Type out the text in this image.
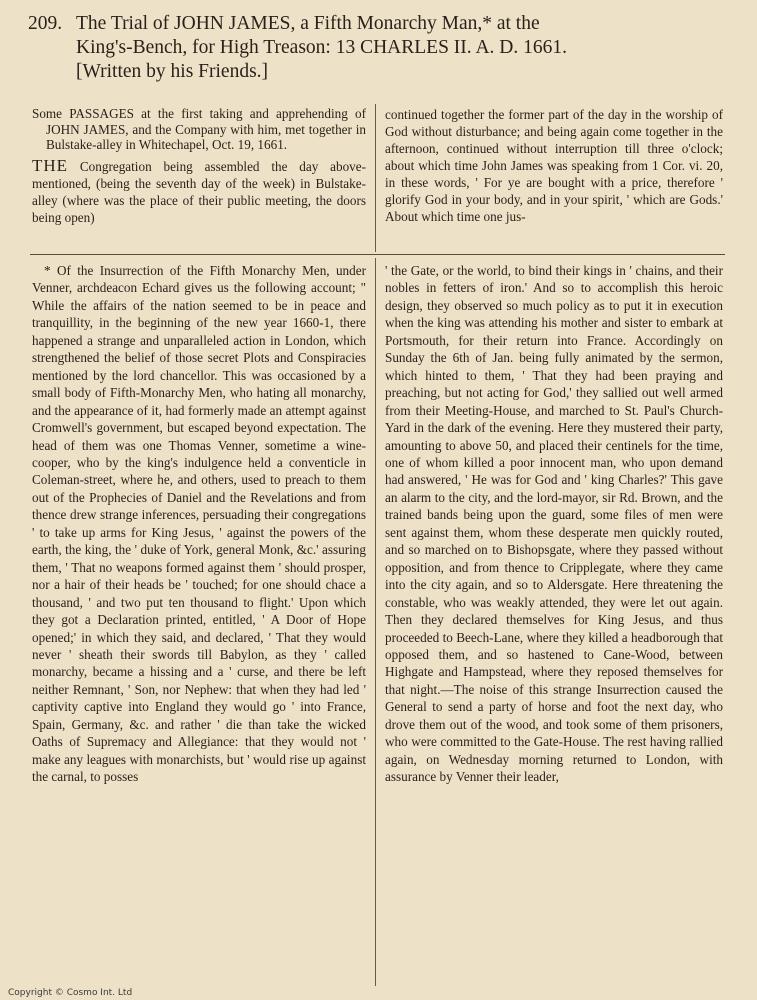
209. The Trial of JOHN JAMES, a Fifth Monarchy Man,* at the
King's-Bench, for High Treason: 13 CHARLES II. A. D. 1661.
[Written by his Friends.]
Some PASSAGES at the first taking and apprehending of JOHN JAMES, and the Company with him, met together in Bulstake-alley in Whitechapel, Oct. 19, 1661.
THE Congregation being assembled the day above-mentioned, (being the seventh day of the week) in Bulstake-alley (where was the place of their public meeting, the doors being open)
continued together the former part of the day in the worship of God without disturbance; and being again come together in the afternoon, continued without interruption till three o'clock; about which time John James was speaking from 1 Cor. vi. 20, in these words, ' For ye are bought with a price, therefore ' glorify God in your body, and in your spirit, ' which are Gods.' About which time one jus-
* Of the Insurrection of the Fifth Monarchy Men, under Venner, archdeacon Echard gives us the following account; " While the affairs of the nation seemed to be in peace and tranquillity, in the beginning of the new year 1660-1, there happened a strange and unparalleled action in London, which strengthened the belief of those secret Plots and Conspiracies mentioned by the lord chancellor. This was occasioned by a small body of Fifth-Monarchy Men, who hating all monarchy, and the appearance of it, had formerly made an attempt against Cromwell's government, but escaped beyond expectation. The head of them was one Thomas Venner, sometime a wine-cooper, who by the king's indulgence held a conventicle in Coleman-street, where he, and others, used to preach to them out of the Prophecies of Daniel and the Revelations and from thence drew strange inferences, persuading their congregations ' to take up arms for King Jesus, ' against the powers of the earth, the king, the ' duke of York, general Monk, &c.' assuring them, ' That no weapons formed against them ' should prosper, nor a hair of their heads be ' touched; for one should chace a thousand, ' and two put ten thousand to flight.' Upon which they got a Declaration printed, entitled, ' A Door of Hope opened;' in which they said, and declared, ' That they would never ' sheath their swords till Babylon, as they ' called monarchy, became a hissing and a ' curse, and there be left neither Remnant, ' Son, nor Nephew: that when they had led ' captivity captive into England they would go ' into France, Spain, Germany, &c. and rather ' die than take the wicked Oaths of Supremacy and Allegiance: that they would not ' make any leagues with monarchists, but ' would rise up against the carnal, to posses
' the Gate, or the world, to bind their kings in ' chains, and their nobles in fetters of iron.' And so to accomplish this heroic design, they observed so much policy as to put it in execution when the king was attending his mother and sister to embark at Portsmouth, for their return into France. Accordingly on Sunday the 6th of Jan. being fully animated by the sermon, which hinted to them, ' That they had been praying and preaching, but not acting for God,' they sallied out well armed from their Meeting-House, and marched to St. Paul's Church-Yard in the dark of the evening. Here they mustered their party, amounting to above 50, and placed their centinels for the time, one of whom killed a poor innocent man, who upon demand had answered, ' He was for God and ' king Charles?' This gave an alarm to the city, and the lord-mayor, sir Rd. Brown, and the trained bands being upon the guard, some files of men were sent against them, whom these desperate men quickly routed, and so marched on to Bishopsgate, where they passed without opposition, and from thence to Cripplegate, where they came into the city again, and so to Aldersgate. Here threatening the constable, who was weakly attended, they were let out again. Then they declared themselves for King Jesus, and thus proceeded to Beech-Lane, where they killed a headborough that opposed them, and so hastened to Cane-Wood, between Highgate and Hampstead, where they reposed themselves for that night.—The noise of this strange Insurrection caused the General to send a party of horse and foot the next day, who drove them out of the wood, and took some of them prisoners, who were committed to the Gate-House. The rest having rallied again, on Wednesday morning returned to London, with assurance by Venner their leader,
Copyright © Cosmo Int. Ltd
